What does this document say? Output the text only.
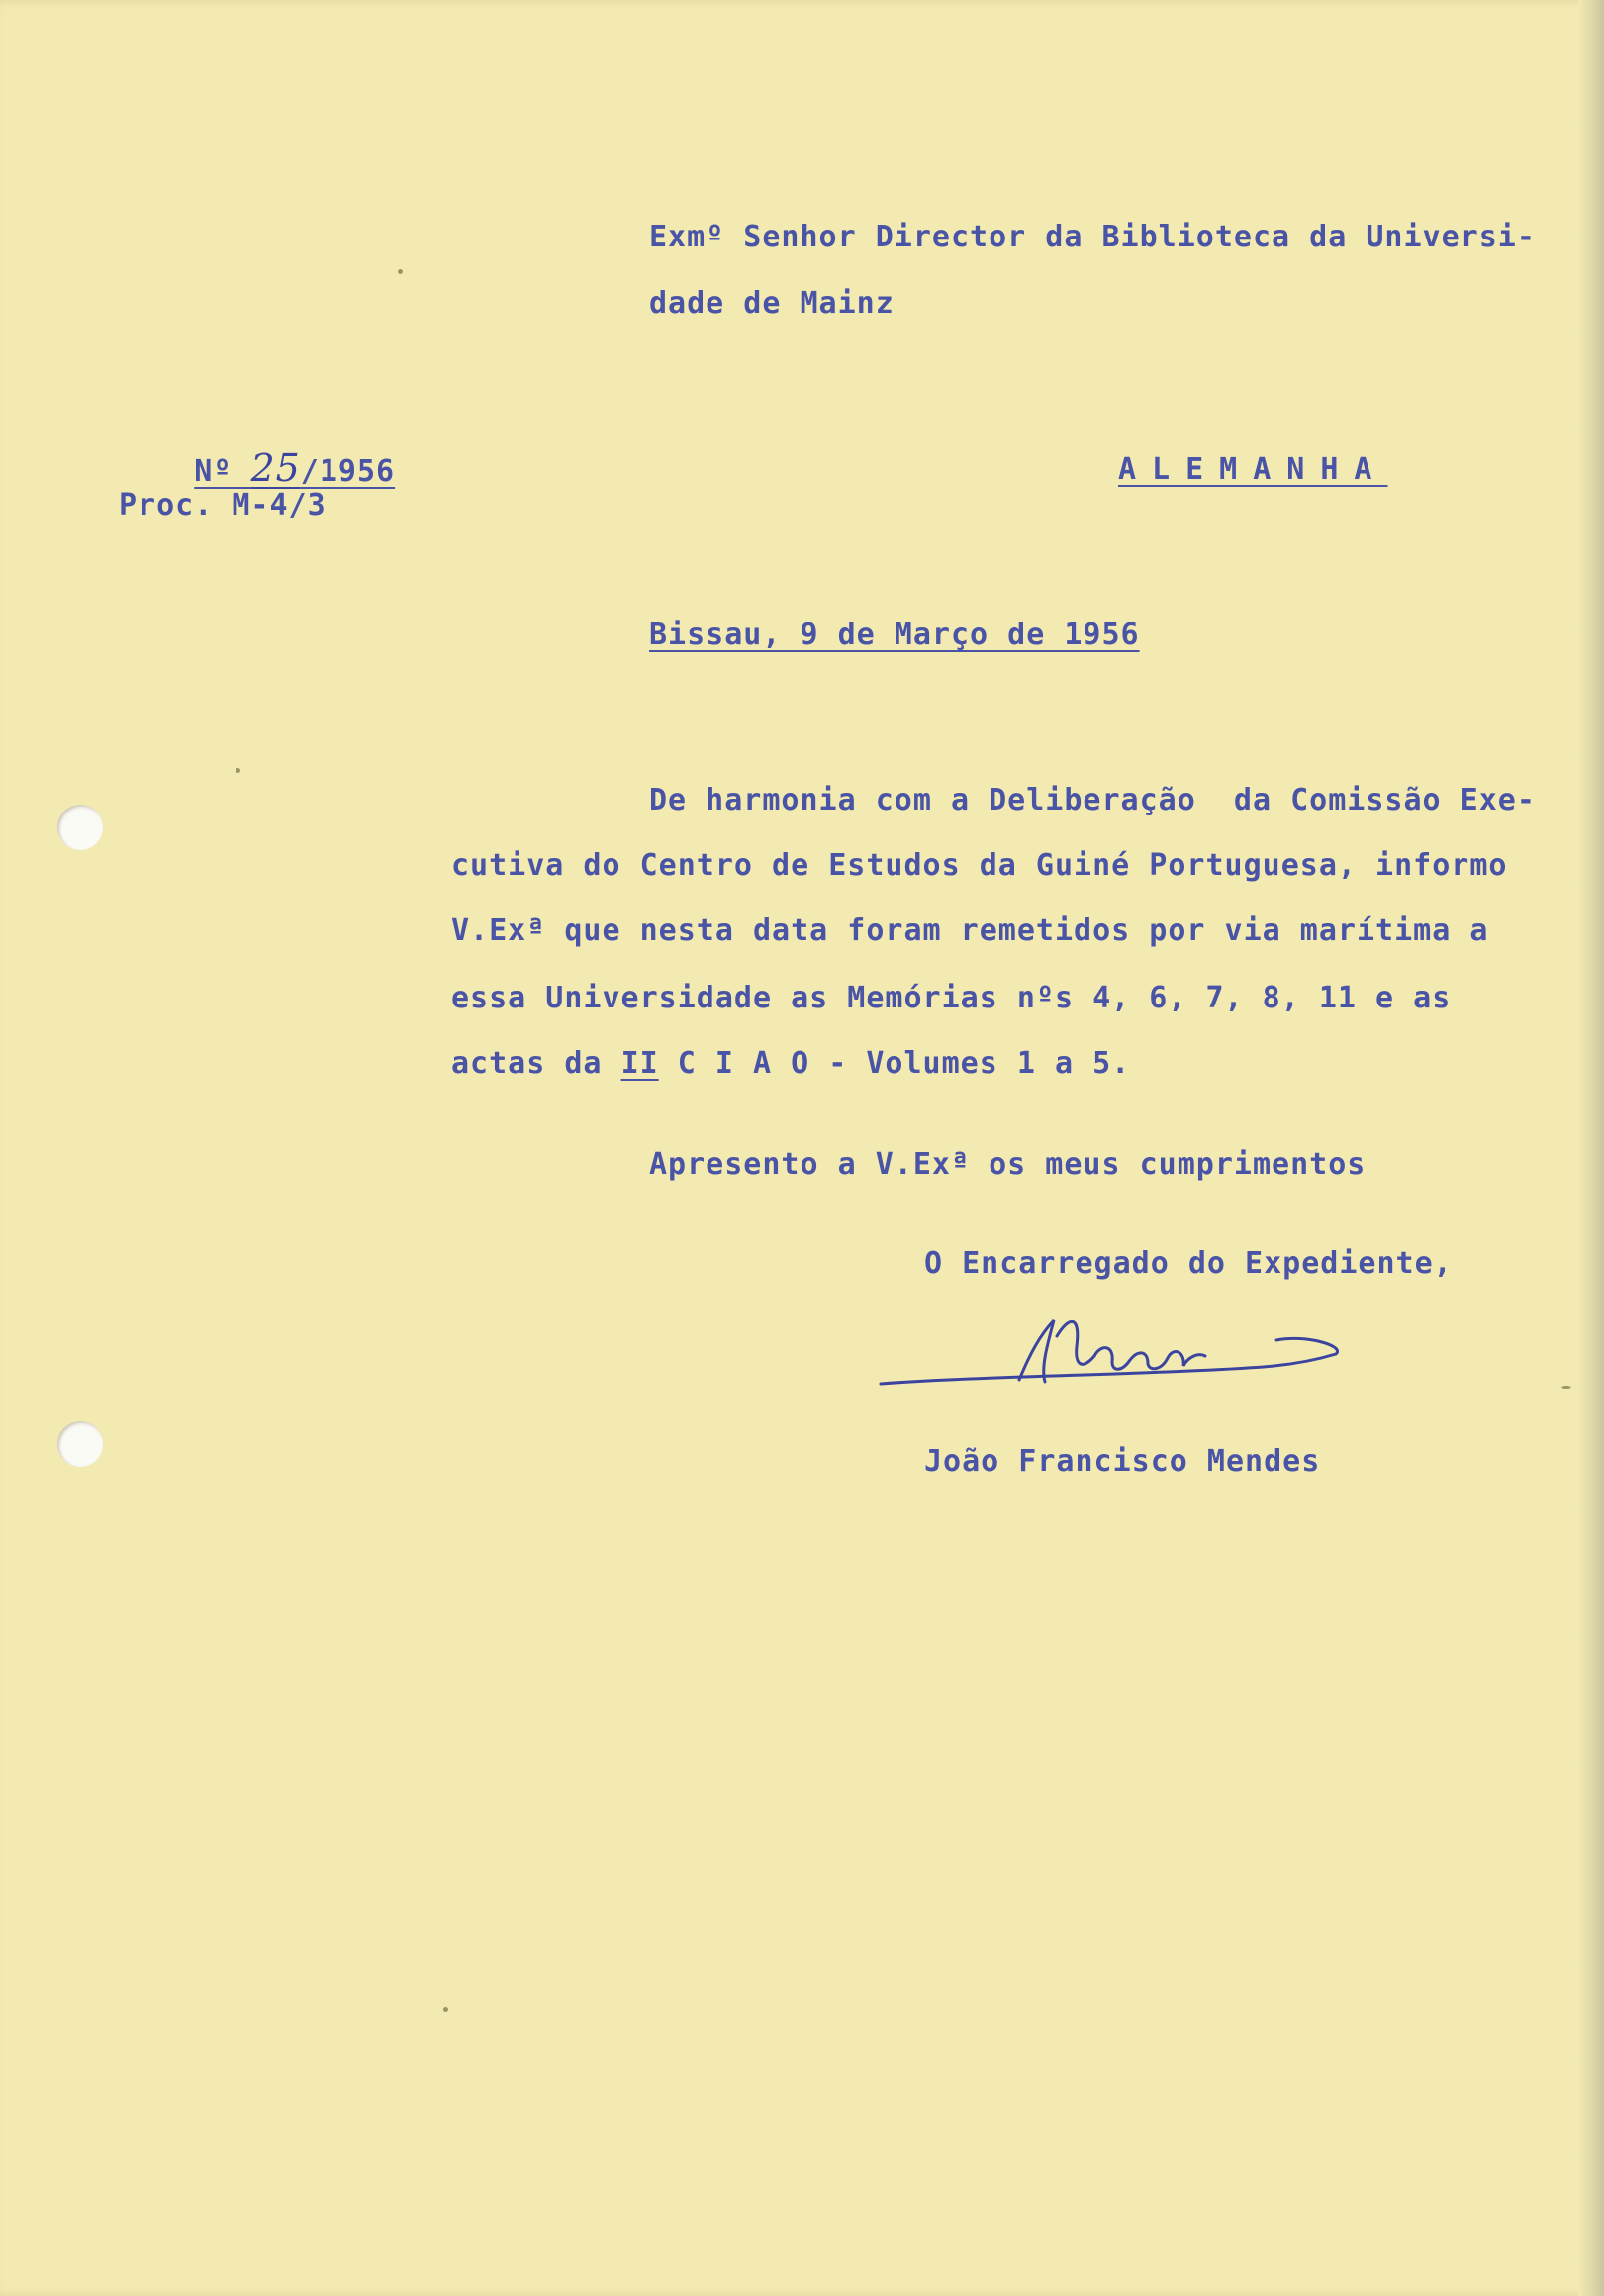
Exmº Senhor Director da Biblioteca da Universi-
dade de Mainz

Nº 25/1956

Proc. M-4/3
ALEMANHA
Bissau, 9 de Março de 1956
De harmonia com a Deliberação  da Comissão Exe-
cutiva do Centro de Estudos da Guiné Portuguesa, informo
V.Exª que nesta data foram remetidos por via marítima a
essa Universidade as Memórias nºs 4, 6, 7, 8, 11 e as
actas da II C I A O - Volumes 1 a 5.
Apresento a V.Exª os meus cumprimentos
O Encarregado do Expediente,
João Francisco Mendes
